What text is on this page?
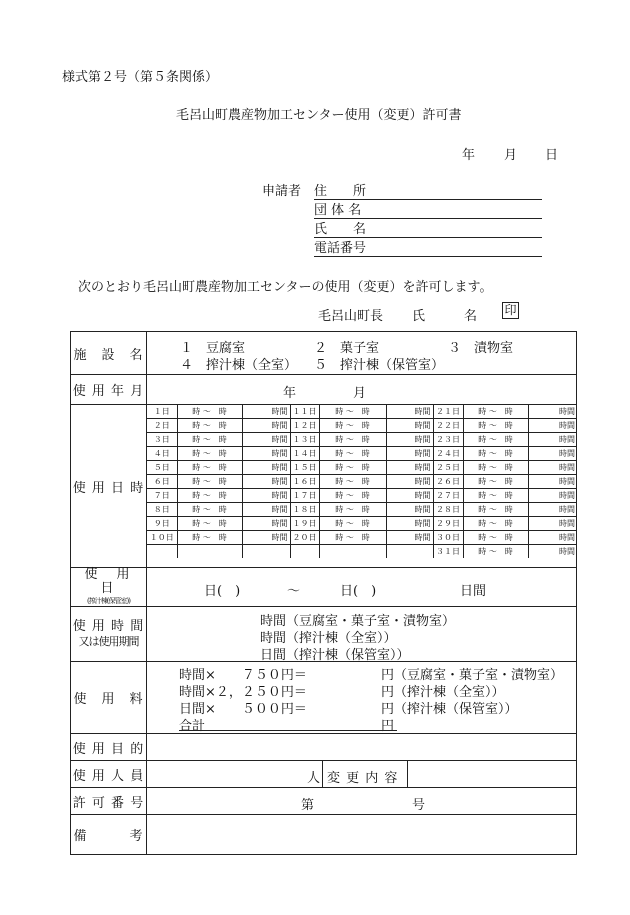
様式第２号（第５条関係）
毛呂山町農産物加工センター使用（変更）許可書
年 月 日
申請者 住　　所
団 体 名
氏　　名
電話番号
次のとおり毛呂山町農産物加工センターの使用（変更）を許可します。
毛呂山町長 氏　　　名 印
施　設　名	１　豆腐室	２　菓子室	３　漬物室
４　搾汁棟（全室） ５　搾汁棟（保管室）

使 用 年 月	年	月

使 用 日 時	
１日	時 ～　時	時間	１１日	時 ～　時	時間	２１日	時 ～　時	時間
２日	時 ～　時	時間	１２日	時 ～　時	時間	２２日	時 ～　時	時間
３日	時 ～　時	時間	１３日	時 ～　時	時間	２３日	時 ～　時	時間
４日	時 ～　時	時間	１４日	時 ～　時	時間	２４日	時 ～　時	時間
５日	時 ～　時	時間	１５日	時 ～　時	時間	２５日	時 ～　時	時間
６日	時 ～　時	時間	１６日	時 ～　時	時間	２６日	時 ～　時	時間
７日	時 ～　時	時間	１７日	時 ～　時	時間	２７日	時 ～　時	時間
８日	時 ～　時	時間	１８日	時 ～　時	時間	２８日	時 ～　時	時間
９日	時 ～　時	時間	１９日	時 ～　時	時間	２９日	時 ～　時	時間
１０日	時 ～　時	時間	２０日	時 ～　時	時間	３０日	時 ～　時	時間
						３１日	時 ～　時	時間

使　用　日
(搾汁棟(保管室))

日(　)	～	日(　)	日間

使 用 時 間
又は使用期間

時間（豆腐室・菓子室・漬物室）
時間（搾汁棟（全室））
日間（搾汁棟（保管室））

使　用　料	
時間×　　７５０円＝	円（豆腐室・菓子室・漬物室）
時間×２，２５０円＝	円（搾汁棟（全室））
日間×　　５００円＝	円（搾汁棟（保管室））
合計	円

使 用 目 的	
使 用 人 員	人 変 更 内 容

許 可 番 号	第	号

備　　　考	
